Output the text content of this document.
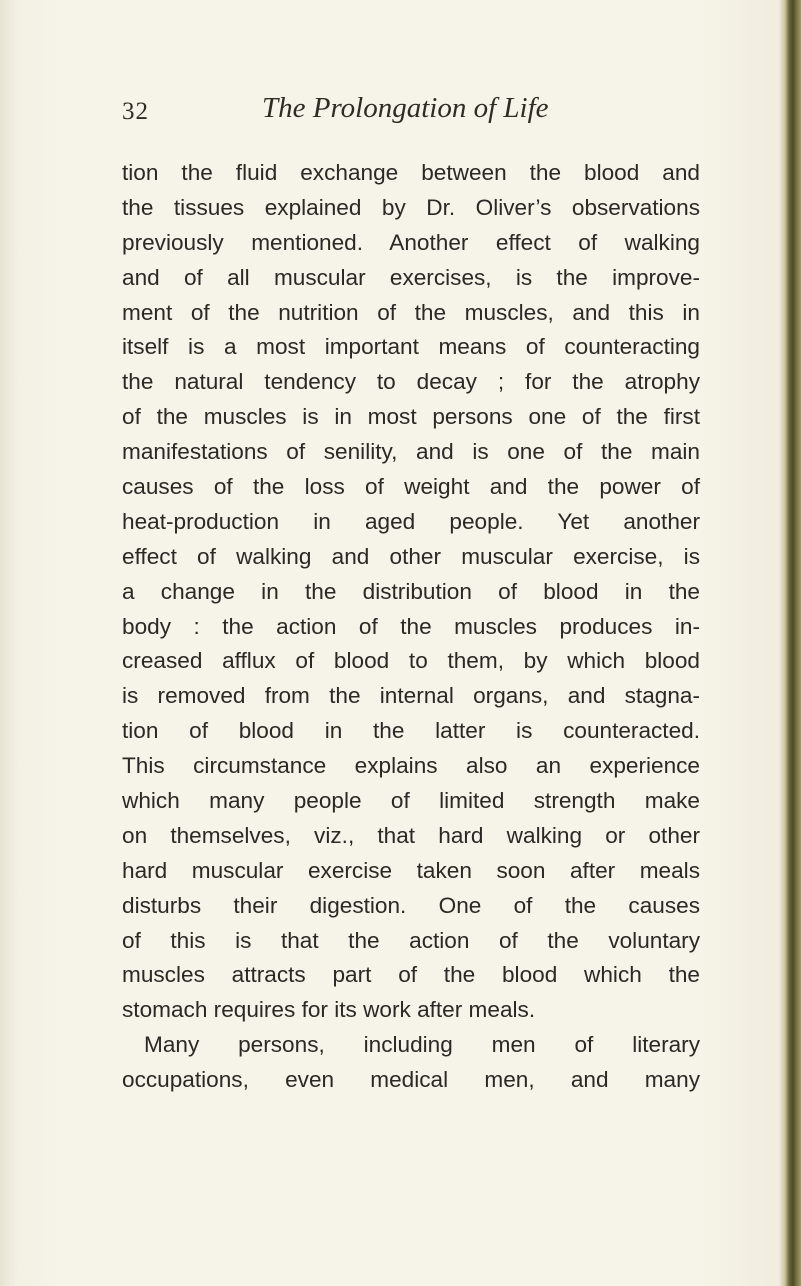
32	The Prolongation of Life
tion the fluid exchange between the blood and
the tissues explained by Dr. Oliver’s observations
previously mentioned. Another effect of walking
and of all muscular exercises, is the improve-
ment of the nutrition of the muscles, and this in
itself is a most important means of counteracting
the natural tendency to decay ; for the atrophy
of the muscles is in most persons one of the first
manifestations of senility, and is one of the main
causes of the loss of weight and the power of
heat-production in aged people. Yet another
effect of walking and other muscular exercise, is
a change in the distribution of blood in the
body : the action of the muscles produces in-
creased afflux of blood to them, by which blood
is removed from the internal organs, and stagna-
tion of blood in the latter is counteracted.
This circumstance explains also an experience
which many people of limited strength make
on themselves, viz., that hard walking or other
hard muscular exercise taken soon after meals
disturbs their digestion. One of the causes
of this is that the action of the voluntary
muscles attracts part of the blood which the
stomach requires for its work after meals.
Many persons, including men of literary
occupations, even medical men, and many
